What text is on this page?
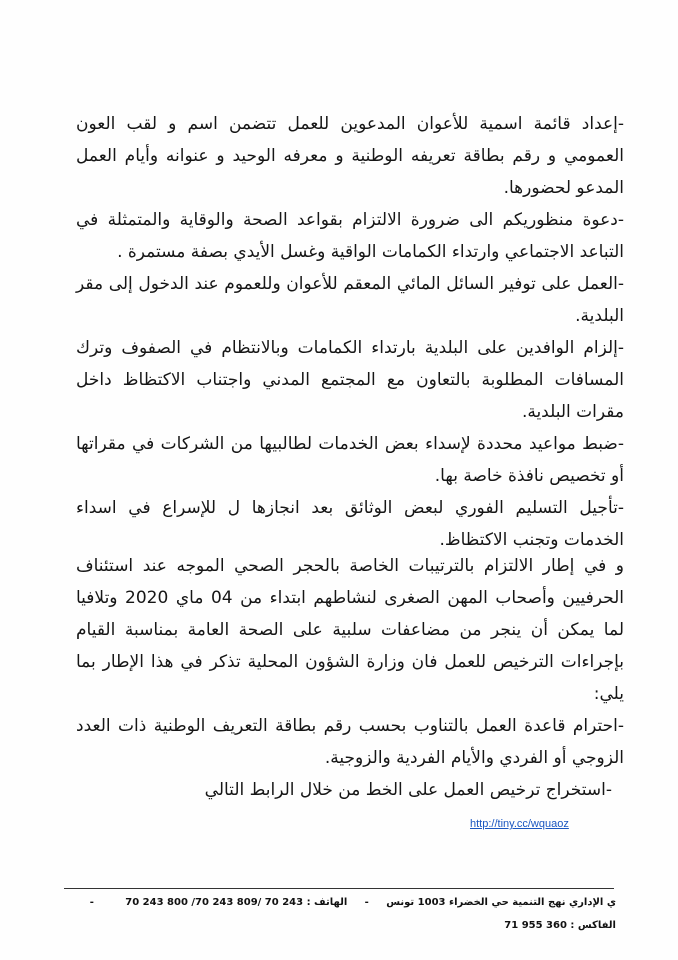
-إعداد قائمة اسمية للأعوان المدعوين للعمل تتضمن اسم و لقب العون العمومي و رقم بطاقة تعريفه الوطنية و معرفه الوحيد و عنوانه وأيام العمل المدعو لحضورها.

-دعوة منظوريكم الى ضرورة الالتزام بقواعد الصحة والوقاية والمتمثلة في التباعد الاجتماعي وارتداء الكمامات الواقية وغسل الأيدي بصفة مستمرة .

-العمل على توفير السائل المائي المعقم للأعوان وللعموم عند الدخول إلى مقر البلدية.

-إلزام الوافدين على البلدية بارتداء الكمامات وبالانتظام في الصفوف وترك المسافات المطلوبة بالتعاون مع المجتمع المدني واجتناب الاكتظاظ داخل مقرات البلدية.

-ضبط مواعيد محددة لإسداء بعض الخدمات لطالبيها من الشركات في مقراتها أو تخصيص نافذة خاصة بها.

-تأجيل التسليم الفوري لبعض الوثائق بعد انجازها ل للإسراع في اسداء الخدمات وتجنب الاكتظاظ.

و في إطار الالتزام بالترتيبات الخاصة بالحجر الصحي الموجه عند استئناف الحرفيين وأصحاب المهن الصغرى لنشاطهم ابتداء من 04 ماي 2020 وتلافيا لما يمكن أن ينجر من مضاعفات سلبية على الصحة العامة بمناسبة القيام بإجراءات الترخيص للعمل فان وزارة الشؤون المحلية تذكر في هذا الإطار بما يلي:

-احترام قاعدة العمل بالتناوب بحسب رقم بطاقة التعريف الوطنية ذات العدد الزوجي أو الفردي والأيام الفردية والزوجية.

-استخراج ترخيص العمل على الخط من خلال الرابط التالي

http://tiny.cc/wquaoz
ي الإداري نهج التنمية حي الخضراء 1003 تونس     -     الهاتف : 70 243 800 /70 243 809/ 70 243         -
الفاكس : 71 955 360
